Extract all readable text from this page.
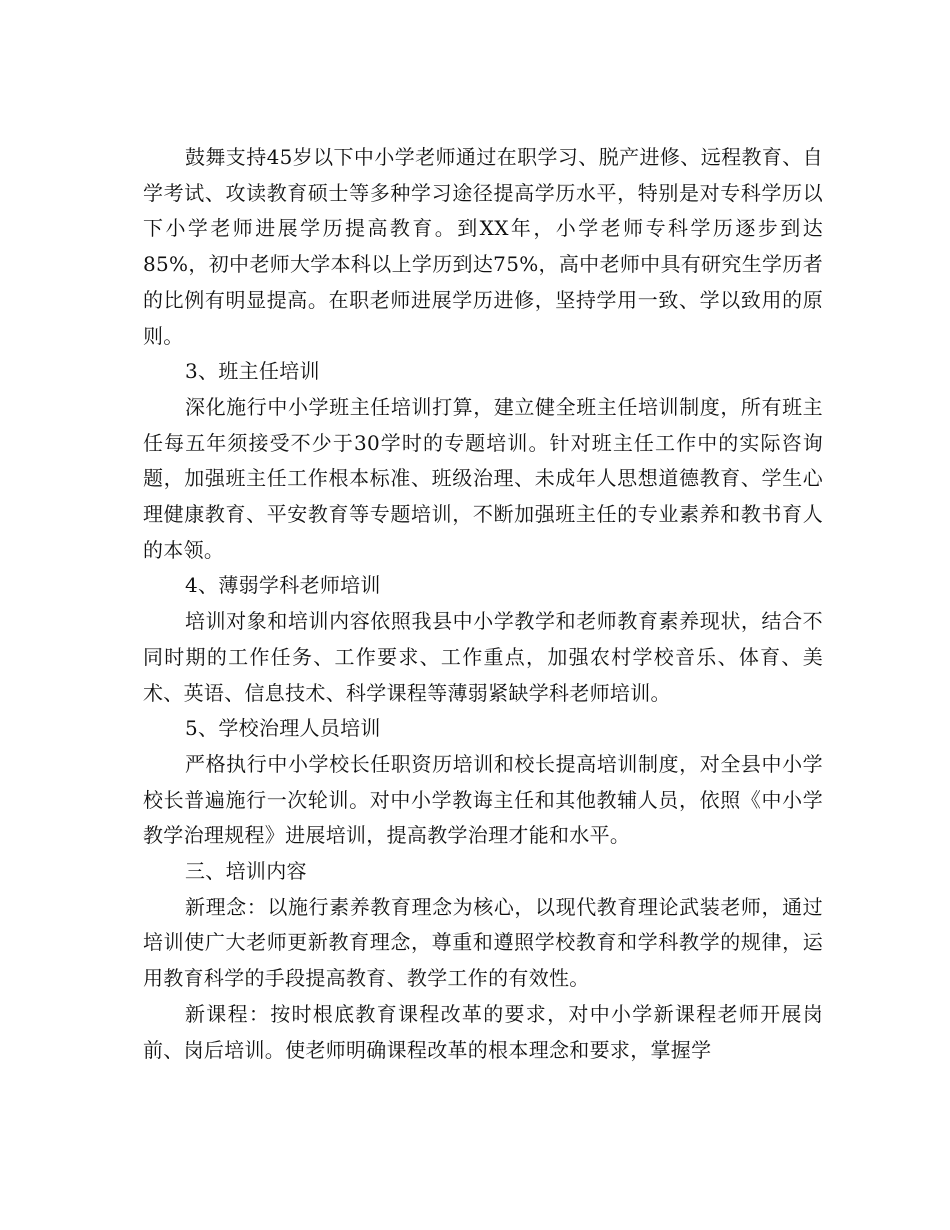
鼓舞支持45岁以下中小学老师通过在职学习、脱产进修、远程教育、自学考试、攻读教育硕士等多种学习途径提高学历水平，特别是对专科学历以下小学老师进展学历提高教育。到XX年，小学老师专科学历逐步到达85%，初中老师大学本科以上学历到达75%，高中老师中具有研究生学历者的比例有明显提高。在职老师进展学历进修，坚持学用一致、学以致用的原则。

3、班主任培训

深化施行中小学班主任培训打算，建立健全班主任培训制度，所有班主任每五年须接受不少于30学时的专题培训。针对班主任工作中的实际咨询题，加强班主任工作根本标准、班级治理、未成年人思想道德教育、学生心理健康教育、平安教育等专题培训，不断加强班主任的专业素养和教书育人的本领。

4、薄弱学科老师培训

培训对象和培训内容依照我县中小学教学和老师教育素养现状，结合不同时期的工作任务、工作要求、工作重点，加强农村学校音乐、体育、美术、英语、信息技术、科学课程等薄弱紧缺学科老师培训。

5、学校治理人员培训

严格执行中小学校长任职资历培训和校长提高培训制度，对全县中小学校长普遍施行一次轮训。对中小学教诲主任和其他教辅人员，依照《中小学教学治理规程》进展培训，提高教学治理才能和水平。

三、培训内容

新理念：以施行素养教育理念为核心，以现代教育理论武装老师，通过培训使广大老师更新教育理念，尊重和遵照学校教育和学科教学的规律，运用教育科学的手段提高教育、教学工作的有效性。

新课程：按时根底教育课程改革的要求，对中小学新课程老师开展岗前、岗后培训。使老师明确课程改革的根本理念和要求，掌握学
